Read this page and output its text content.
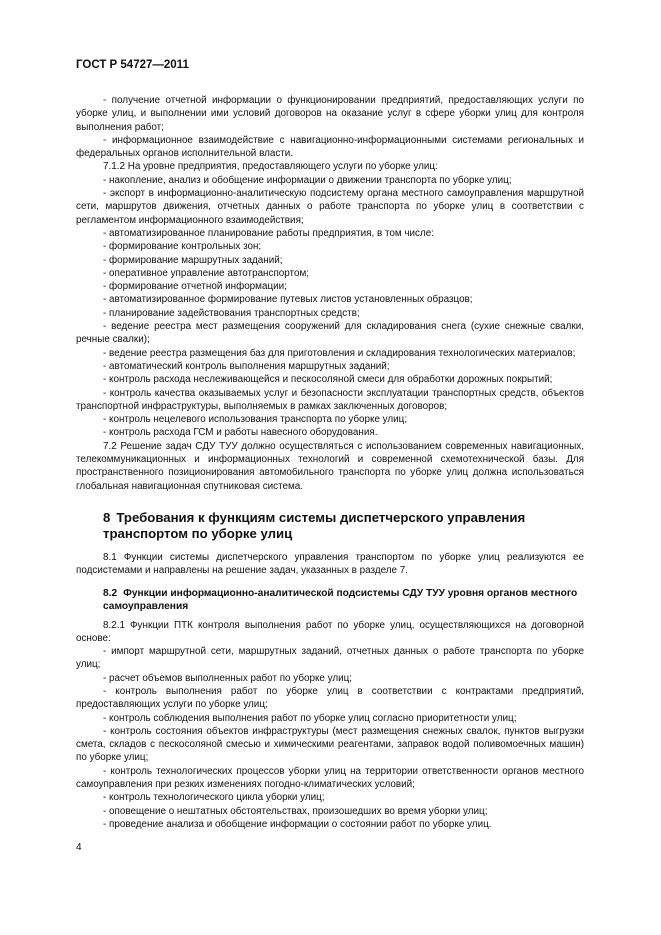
ГОСТ Р 54727—2011

- получение отчетной информации о функционировании предприятий, предоставляющих услуги по уборке улиц, и выполнении ими условий договоров на оказание услуг в сфере уборки улиц для контроля выполнения работ;

- информационное взаимодействие с навигационно-информационными системами региональных и федеральных органов исполнительной власти.

7.1.2 На уровне предприятия, предоставляющего услуги по уборке улиц:

- накопление, анализ и обобщение информации о движении транспорта по уборке улиц;

- экспорт в информационно-аналитическую подсистему органа местного самоуправления маршрутной сети, маршрутов движения, отчетных данных о работе транспорта по уборке улиц в соответствии с регламентом информационного взаимодействия;

- автоматизированное планирование работы предприятия, в том числе:

- формирование контрольных зон;

- формирование маршрутных заданий;

- оперативное управление автотранспортом;

- формирование отчетной информации;

- автоматизированное формирование путевых листов установленных образцов;

- планирование задействования транспортных средств;

- ведение реестра мест размещения сооружений для складирования снега (сухие снежные свалки, речные свалки);

- ведение реестра размещения баз для приготовления и складирования технологических материалов;

- автоматический контроль выполнения маршрутных заданий;

- контроль расхода неслеживающейся и пескосоляной смеси для обработки дорожных покрытий;

- контроль качества оказываемых услуг и безопасности эксплуатации транспортных средств, объектов транспортной инфраструктуры, выполняемых в рамках заключенных договоров;

- контроль нецелевого использования транспорта по уборке улиц;

- контроль расхода ГСМ и работы навесного оборудования.

7.2 Решение задач СДУ ТУУ должно осуществляться с использованием современных навигационных, телекоммуникационных и информационных технологий и современной схемотехнической базы. Для пространственного позиционирования автомобильного транспорта по уборке улиц должна использоваться глобальная навигационная спутниковая система.

8 Требования к функциям системы диспетчерского управления транспортом по уборке улиц

8.1 Функции системы диспетчерского управления транспортом по уборке улиц реализуются ее подсистемами и направлены на решение задач, указанных в разделе 7.

8.2 Функции информационно-аналитической подсистемы СДУ ТУУ уровня органов местного самоуправления

8.2.1 Функции ПТК контроля выполнения работ по уборке улиц, осуществляющихся на договорной основе:

- импорт маршрутной сети, маршрутных заданий, отчетных данных о работе транспорта по уборке улиц;

- расчет объемов выполненных работ по уборке улиц;

- контроль выполнения работ по уборке улиц в соответствии с контрактами предприятий, предоставляющих услуги по уборке улиц;

- контроль соблюдения выполнения работ по уборке улиц согласно приоритетности улиц;

- контроль состояния объектов инфраструктуры (мест размещения снежных свалок, пунктов выгрузки смета, складов с пескосоляной смесью и химическими реагентами, заправок водой поливомоечных машин) по уборке улиц;

- контроль технологических процессов уборки улиц на территории ответственности органов местного самоуправления при резких изменениях погодно-климатических условий;

- контроль технологического цикла уборки улиц;

- оповещение о нештатных обстоятельствах, произошедших во время уборки улиц;

- проведение анализа и обобщение информации о состоянии работ по уборке улиц.

4
